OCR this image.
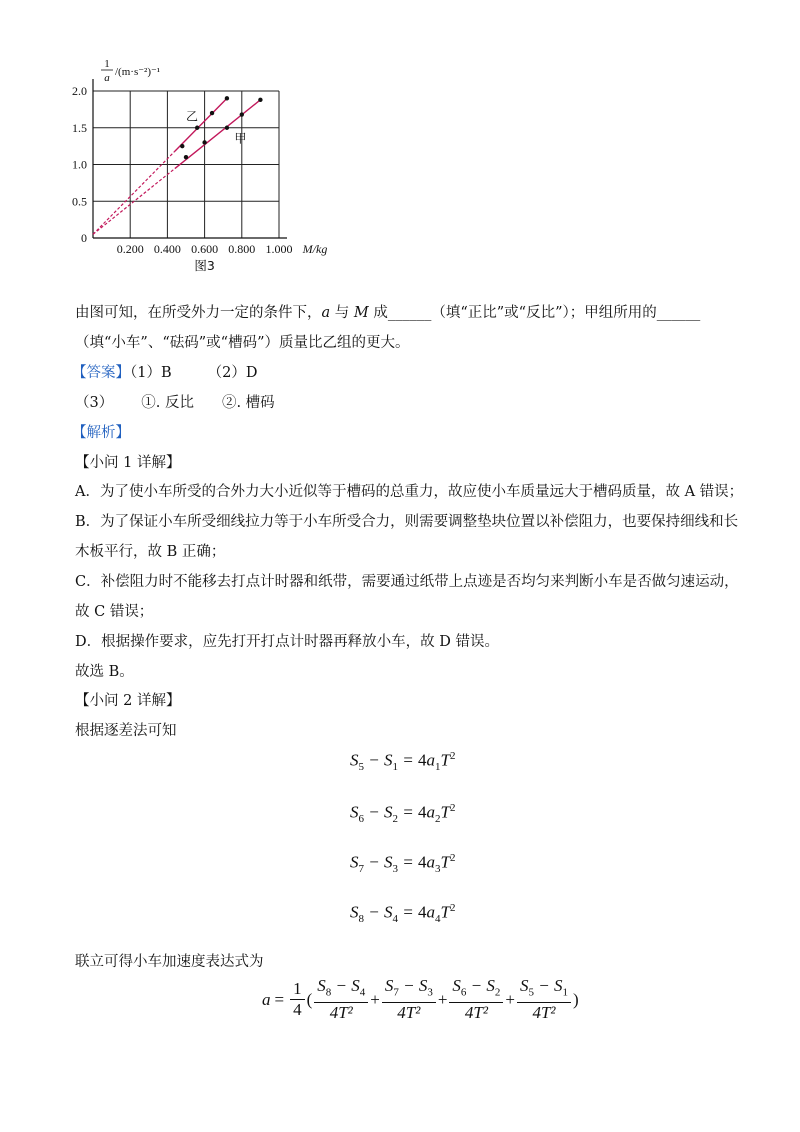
0
0.5
1.0
1.5
2.0
0.200 0.400 0.600 0.800 1.000
乙
甲
M/kg
1
a /(m·s⁻²)⁻¹
图3
由图可知，在所受外力一定的条件下，a 与 M 成______（填“正比”或“反比”）；甲组所用的______
（填“小车”、“砝码”或“槽码”）质量比乙组的更大。
【答案】（1）B （2）D
（3） ①. 反比 ②. 槽码
【解析】
【小问 1 详解】
A．为了使小车所受的合外力大小近似等于槽码的总重力，故应使小车质量远大于槽码质量，故 A 错误；
B．为了保证小车所受细线拉力等于小车所受合力，则需要调整垫块位置以补偿阻力，也要保持细线和长
木板平行，故 B 正确；
C．补偿阻力时不能移去打点计时器和纸带，需要通过纸带上点迹是否均匀来判断小车是否做匀速运动，
故 C 错误；
D．根据操作要求，应先打开打点计时器再释放小车，故 D 错误。
故选 B。
【小问 2 详解】
根据逐差法可知
$S_5 - S_1 = 4a_1T^2$
$S_6 - S_2 = 4a_2T^2$
$S_7 - S_3 = 4a_3T^2$
$S_8 - S_4 = 4a_4T^2$
联立可得小车加速度表达式为
$a = \frac{1}{4}$ ( $\frac{S_8 - S_4}{\text{4T²}} + \frac{S_7 - S_3}{\text{4T²}} + \frac{S_6 - S_2}{\text{4T²}} + \frac{S_5 - S_1}{\text{4T²}}$ )
